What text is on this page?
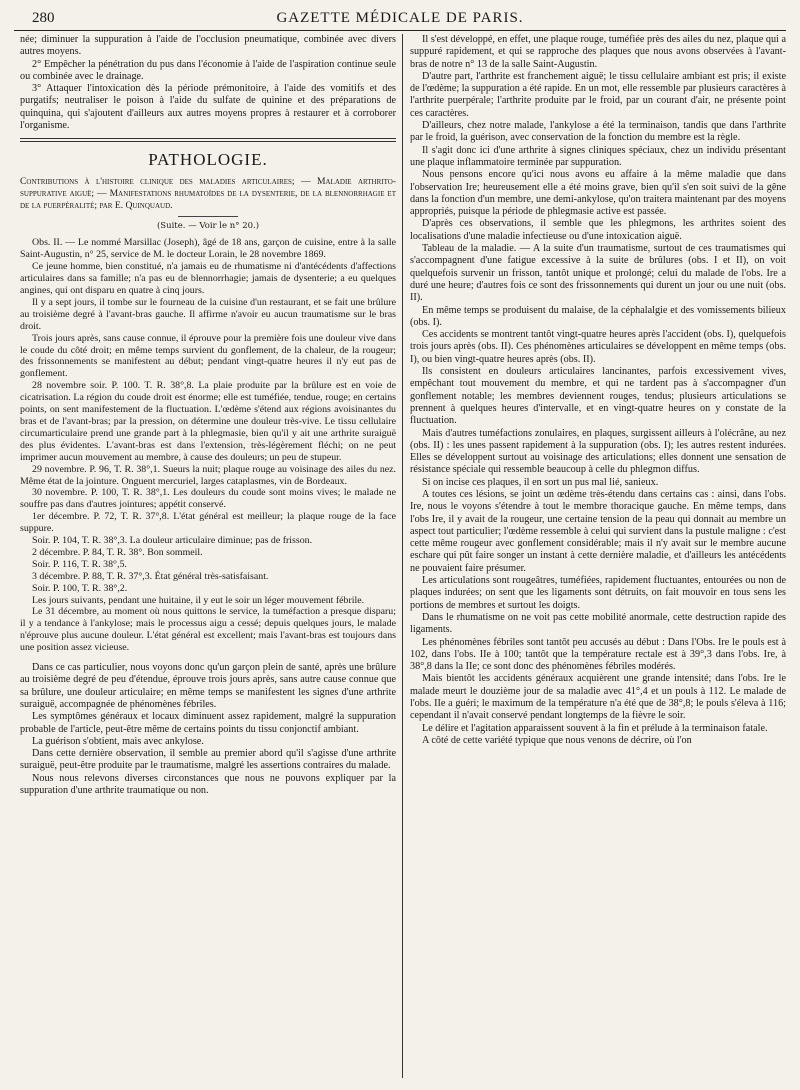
280	GAZETTE MÉDICALE DE PARIS.

née; diminuer la suppuration à l'aide de l'occlusion pneumatique, combinée avec divers autres moyens.

2° Empêcher la pénétration du pus dans l'économie à l'aide de l'aspiration continue seule ou combinée avec le drainage.

3° Attaquer l'intoxication dès la période prémonitoire, à l'aide des vomitifs et des purgatifs; neutraliser le poison à l'aide du sulfate de quinine et des préparations de quinquina, qui s'ajoutent d'ailleurs aux autres moyens propres à restaurer et à corroborer l'organisme.

PATHOLOGIE.
Contributions à l'histoire clinique des maladies articulaires; — Maladie arthrito-suppurative aiguë; — Manifestations rhumatoïdes de la dysenterie, de la blennorrhagie et de la puerpéralité; par E. Quinquaud.
(Suite. — Voir le n° 20.)

Obs. II. — Le nommé Marsillac (Joseph), âgé de 18 ans, garçon de cuisine, entre à la salle Saint-Augustin, n° 25, service de M. le docteur Lorain, le 28 novembre 1869.

Ce jeune homme, bien constitué, n'a jamais eu de rhumatisme ni d'antécédents d'affections articulaires dans sa famille; n'a pas eu de blennorrhagie; jamais de dysenterie; a eu quelques angines, qui ont disparu en quatre à cinq jours.

Il y a sept jours, il tombe sur le fourneau de la cuisine d'un restaurant, et se fait une brûlure au troisième degré à l'avant-bras gauche. Il affirme n'avoir eu aucun traumatisme sur le bras droit.

Trois jours après, sans cause connue, il éprouve pour la première fois une douleur vive dans le coude du côté droit; en même temps survient du gonflement, de la chaleur, de la rougeur; des frissonnements se manifestent au début; pendant vingt-quatre heures il n'y eut pas de gonflement.

28 novembre soir. P. 100. T. R. 38°,8. La plaie produite par la brûlure est en voie de cicatrisation. La région du coude droit est énorme; elle est tuméfiée, tendue, rouge; en certains points, on sent manifestement de la fluctuation. L'œdème s'étend aux régions avoisinantes du bras et de l'avant-bras; par la pression, on détermine une douleur très-vive. Le tissu cellulaire circumarticulaire prend une grande part à la phlegmasie, bien qu'il y ait une arthrite suraiguë des plus évidentes. L'avant-bras est dans l'extension, très-légèrement fléchi; on ne peut imprimer aucun mouvement au membre, à cause des douleurs; un peu de stupeur.

29 novembre. P. 96, T. R. 38°,1. Sueurs la nuit; plaque rouge au voisinage des ailes du nez. Même état de la jointure. Onguent mercuriel, larges cataplasmes, vin de Bordeaux.

30 novembre. P. 100, T. R. 38°,1. Les douleurs du coude sont moins vives; le malade ne souffre pas dans d'autres jointures; appétit conservé.

1er décembre. P. 72, T. R. 37°,8. L'état général est meilleur; la plaque rouge de la face suppure.

Soir. P. 104, T. R. 38°,3. La douleur articulaire diminue; pas de frisson.

2 décembre. P. 84, T. R. 38°. Bon sommeil.

Soir. P. 116, T. R. 38°,5.

3 décembre. P. 88, T. R. 37°,3. État général très-satisfaisant.

Soir. P. 100, T. R. 38°,2.

Les jours suivants, pendant une huitaine, il y eut le soir un léger mouvement fébrile.

Le 31 décembre, au moment où nous quittons le service, la tuméfaction a presque disparu; il y a tendance à l'ankylose; mais le processus aigu a cessé; depuis quelques jours, le malade n'éprouve plus aucune douleur. L'état général est excellent; mais l'avant-bras est toujours dans une position assez vicieuse.

Dans ce cas particulier, nous voyons donc qu'un garçon plein de santé, après une brûlure au troisième degré de peu d'étendue, éprouve trois jours après, sans autre cause connue que sa brûlure, une douleur articulaire; en même temps se manifestent les signes d'une arthrite suraiguë, accompagnée de phénomènes fébriles.

Les symptômes généraux et locaux diminuent assez rapidement, malgré la suppuration probable de l'article, peut-être même de certains points du tissu conjonctif ambiant.

La guérison s'obtient, mais avec ankylose.

Dans cette dernière observation, il semble au premier abord qu'il s'agisse d'une arthrite suraiguë, peut-être produite par le traumatisme, malgré les assertions contraires du malade.

Nous nous relevons diverses circonstances que nous ne pouvons expliquer par la suppuration d'une arthrite traumatique ou non.

Il s'est développé, en effet, une plaque rouge, tuméfiée près des ailes du nez, plaque qui a suppuré rapidement, et qui se rapproche des plaques que nous avons observées à l'avant-bras de notre n° 13 de la salle Saint-Augustin.

D'autre part, l'arthrite est franchement aiguë; le tissu cellulaire ambiant est pris; il existe de l'œdème; la suppuration a été rapide. En un mot, elle ressemble par plusieurs caractères à l'arthrite puerpérale; l'arthrite produite par le froid, par un courant d'air, ne présente point ces caractères.

D'ailleurs, chez notre malade, l'ankylose a été la terminaison, tandis que dans l'arthrite par le froid, la guérison, avec conservation de la fonction du membre est la règle.

Il s'agit donc ici d'une arthrite à signes cliniques spéciaux, chez un individu présentant une plaque inflammatoire terminée par suppuration.

Nous pensons encore qu'ici nous avons eu affaire à la même maladie que dans l'observation Ire; heureusement elle a été moins grave, bien qu'il s'en soit suivi de la gêne dans la fonction d'un membre, une demi-ankylose, qu'on traitera maintenant par des moyens appropriés, puisque la période de phlegmasie active est passée.

D'après ces observations, il semble que les phlegmons, les arthrites soient des localisations d'une maladie infectieuse ou d'une intoxication aiguë.

Tableau de la maladie. — A la suite d'un traumatisme, surtout de ces traumatismes qui s'accompagnent d'une fatigue excessive à la suite de brûlures (obs. I et II), on voit quelquefois survenir un frisson, tantôt unique et prolongé; celui du malade de l'obs. Ire a duré une heure; d'autres fois ce sont des frissonnements qui durent un jour ou une nuit (obs. II).

En même temps se produisent du malaise, de la céphalalgie et des vomissements bilieux (obs. I).

Ces accidents se montrent tantôt vingt-quatre heures après l'accident (obs. I), quelquefois trois jours après (obs. II). Ces phénomènes articulaires se développent en même temps (obs. I), ou bien vingt-quatre heures après (obs. II).

Ils consistent en douleurs articulaires lancinantes, parfois excessivement vives, empêchant tout mouvement du membre, et qui ne tardent pas à s'accompagner d'un gonflement notable; les membres deviennent rouges, tendus; plusieurs articulations se prennent à quelques heures d'intervalle, et en vingt-quatre heures on y constate de la fluctuation.

Mais d'autres tuméfactions zonulaires, en plaques, surgissent ailleurs à l'olécrâne, au nez (obs. II) : les unes passent rapidement à la suppuration (obs. I); les autres restent indurées. Elles se développent surtout au voisinage des articulations; elles donnent une sensation de résistance spéciale qui ressemble beaucoup à celle du phlegmon diffus.

Si on incise ces plaques, il en sort un pus mal lié, sanieux.

A toutes ces lésions, se joint un œdème très-étendu dans certains cas : ainsi, dans l'obs. Ire, nous le voyons s'étendre à tout le membre thoracique gauche. En même temps, dans l'obs Ire, il y avait de la rougeur, une certaine tension de la peau qui donnait au membre un aspect tout particulier; l'œdème ressemble à celui qui survient dans la pustule maligne : c'est cette même rougeur avec gonflement considérable; mais il n'y avait sur le membre aucune eschare qui pût faire songer un instant à cette dernière maladie, et d'ailleurs les antécédents ne pouvaient faire présumer.

Les articulations sont rougeâtres, tuméfiées, rapidement fluctuantes, entourées ou non de plaques indurées; on sent que les ligaments sont détruits, on fait mouvoir en tous sens les portions de membres et surtout les doigts.

Dans le rhumatisme on ne voit pas cette mobilité anormale, cette destruction rapide des ligaments.

Les phénomènes fébriles sont tantôt peu accusés au début : Dans l'Obs. Ire le pouls est à 102, dans l'obs. IIe à 100; tantôt que la température rectale est à 39°,3 dans l'obs. Ire, à 38°,8 dans la IIe; ce sont donc des phénomènes fébriles modérés.

Mais bientôt les accidents généraux acquièrent une grande intensité; dans l'obs. Ire le malade meurt le douzième jour de sa maladie avec 41°,4 et un pouls à 112. Le malade de l'obs. IIe a guéri; le maximum de la température n'a été que de 38°,8; le pouls s'éleva à 116; cependant il n'avait conservé pendant longtemps de la fièvre le soir.

Le délire et l'agitation apparaissent souvent à la fin et prélude à la terminaison fatale.

A côté de cette variété typique que nous venons de décrire, où l'on
